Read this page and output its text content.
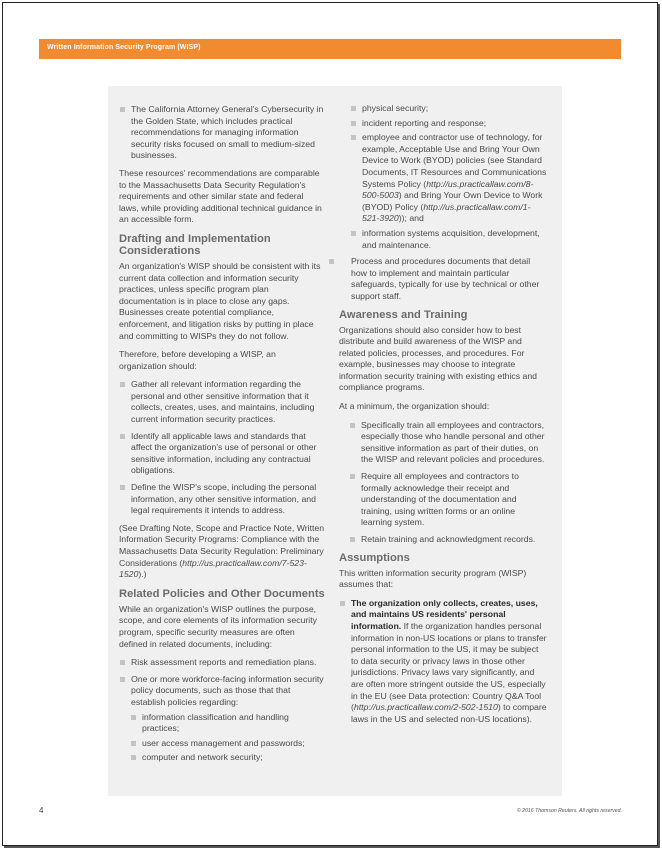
Written Information Security Program (WISP)
The California Attorney General's Cybersecurity in the Golden State, which includes practical recommendations for managing information security risks focused on small to medium-sized businesses.

These resources' recommendations are comparable to the Massachusetts Data Security Regulation's requirements and other similar state and federal laws, while providing additional technical guidance in an accessible form.

Drafting and Implementation Considerations

An organization's WISP should be consistent with its current data collection and information security practices, unless specific program plan documentation is in place to close any gaps. Businesses create potential compliance, enforcement, and litigation risks by putting in place and committing to WISPs they do not follow.

Therefore, before developing a WISP, an organization should:

Gather all relevant information regarding the personal and other sensitive information that it collects, creates, uses, and maintains, including current information security practices.
Identify all applicable laws and standards that affect the organization's use of personal or other sensitive information, including any contractual obligations.
Define the WISP's scope, including the personal information, any other sensitive information, and legal requirements it intends to address.

(See Drafting Note, Scope and Practice Note, Written Information Security Programs: Compliance with the Massachusetts Data Security Regulation: Preliminary Considerations (http://us.practicallaw.com/7-523-1520).)

Related Policies and Other Documents

While an organization's WISP outlines the purpose, scope, and core elements of its information security program, specific security measures are often defined in related documents, including:

Risk assessment reports and remediation plans.
One or more workforce-facing information security policy documents, such as those that that establish policies regarding:
information classification and handling practices;
user access management and passwords;
computer and network security;
physical security;
incident reporting and response;
employee and contractor use of technology, for example, Acceptable Use and Bring Your Own Device to Work (BYOD) policies (see Standard Documents, IT Resources and Communications Systems Policy (http://us.practicallaw.com/8-500-5003) and Bring Your Own Device to Work (BYOD) Policy (http://us.practicallaw.com/1-521-3920)); and
information systems acquisition, development, and maintenance.
Process and procedures documents that detail how to implement and maintain particular safeguards, typically for use by technical or other support staff.
Awareness and Training

Organizations should also consider how to best distribute and build awareness of the WISP and related policies, processes, and procedures. For example, businesses may choose to integrate information security training with existing ethics and compliance programs.

At a minimum, the organization should:

Specifically train all employees and contractors, especially those who handle personal and other sensitive information as part of their duties, on the WISP and relevant policies and procedures.
Require all employees and contractors to formally acknowledge their receipt and understanding of the documentation and training, using written forms or an online learning system.
Retain training and acknowledgment records.
Assumptions

This written information security program (WISP) assumes that:

The organization only collects, creates, uses, and maintains US residents' personal information. If the organization handles personal information in non-US locations or plans to transfer personal information to the US, it may be subject to data security or privacy laws in those other jurisdictions. Privacy laws vary significantly, and are often more stringent outside the US, especially in the EU (see Data protection: Country Q&A Tool (http://us.practicallaw.com/2-502-1510) to compare laws in the US and selected non-US locations).
4	© 2016 Thomson Reuters. All rights reserved.
